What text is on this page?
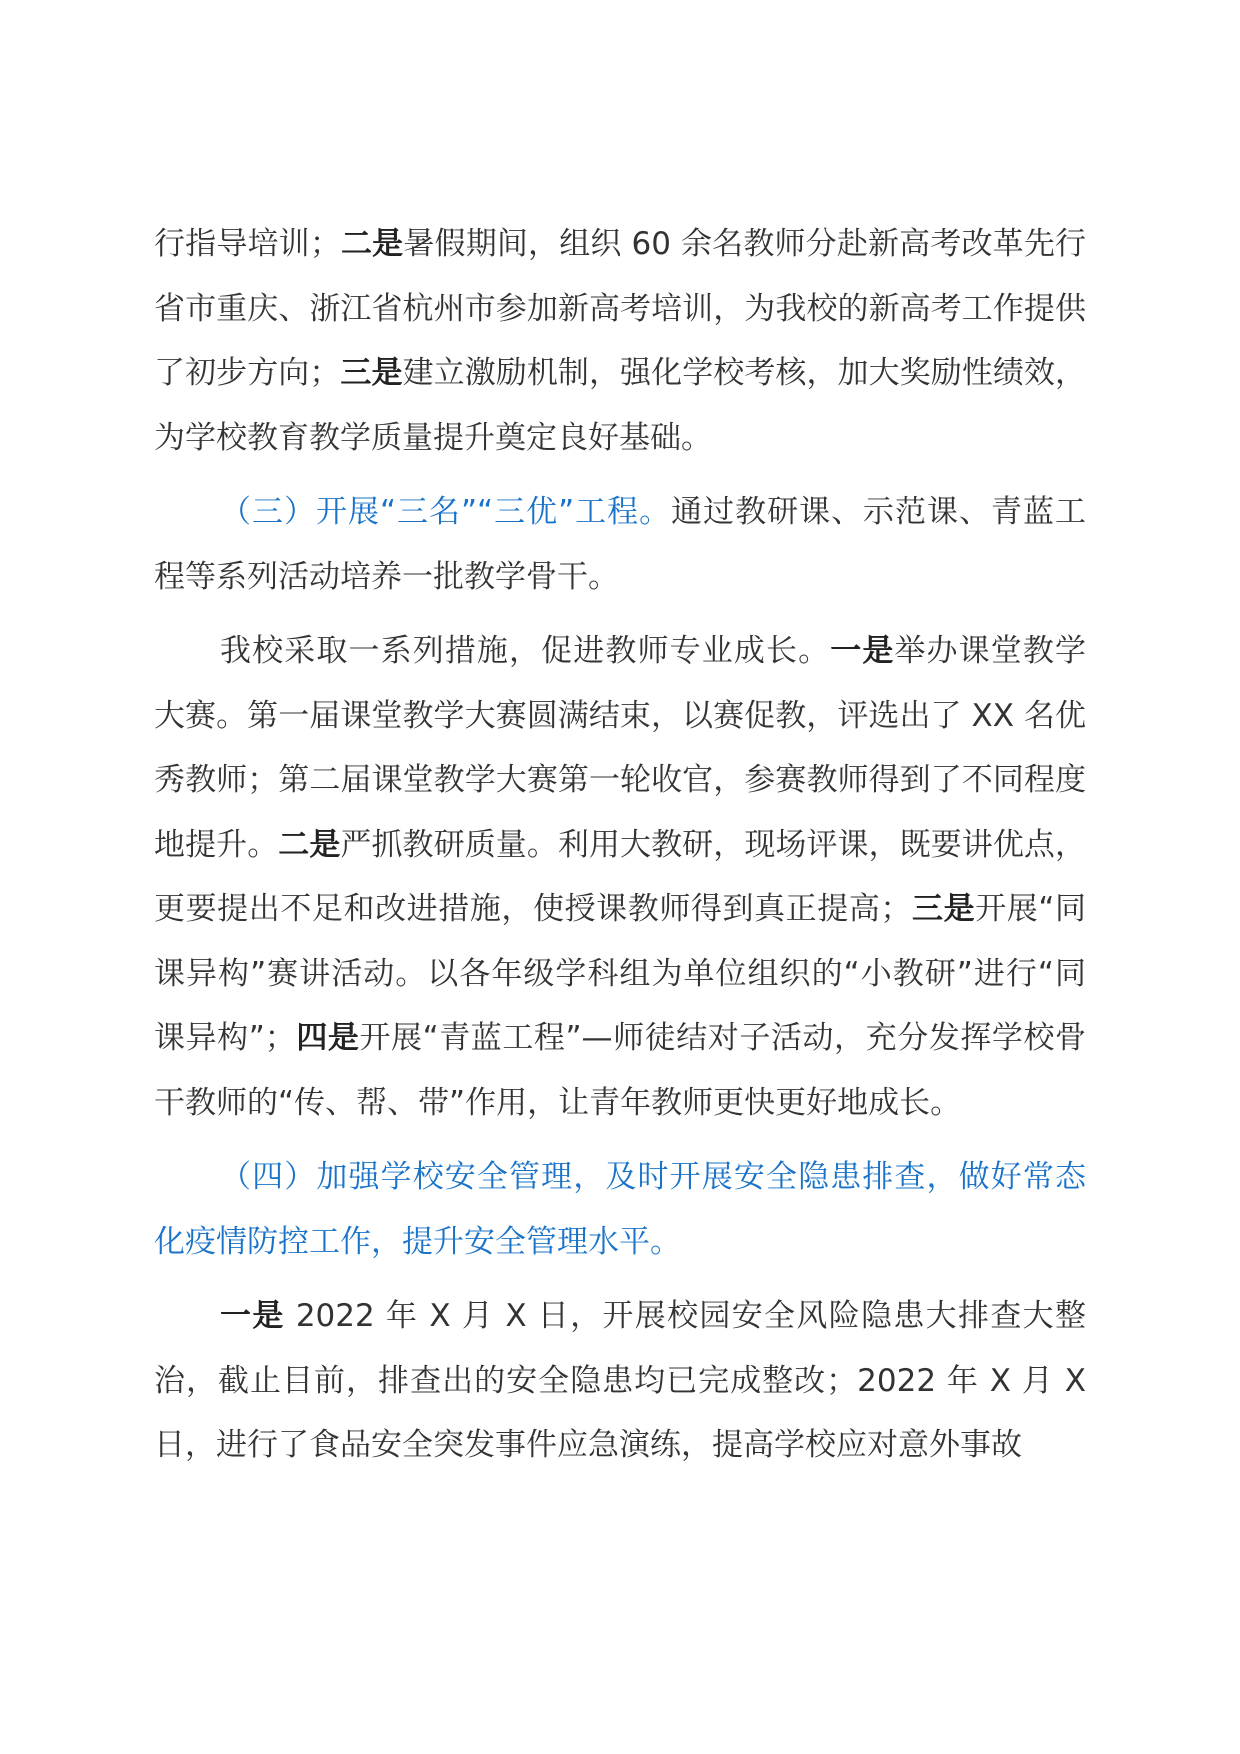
行指导培训；二是暑假期间，组织 60 余名教师分赴新高考改革先行省市重庆、浙江省杭州市参加新高考培训，为我校的新高考工作提供了初步方向；三是建立激励机制，强化学校考核，加大奖励性绩效，为学校教育教学质量提升奠定良好基础。

（三）开展“三名”“三优”工程。通过教研课、示范课、青蓝工程等系列活动培养一批教学骨干。

我校采取一系列措施，促进教师专业成长。一是举办课堂教学大赛。第一届课堂教学大赛圆满结束，以赛促教，评选出了 XX 名优秀教师；第二届课堂教学大赛第一轮收官，参赛教师得到了不同程度地提升。二是严抓教研质量。利用大教研，现场评课，既要讲优点，更要提出不足和改进措施，使授课教师得到真正提高；三是开展“同课异构”赛讲活动。以各年级学科组为单位组织的“小教研”进行“同课异构”；四是开展“青蓝工程”—师徒结对子活动，充分发挥学校骨干教师的“传、帮、带”作用，让青年教师更快更好地成长。

（四）加强学校安全管理，及时开展安全隐患排查，做好常态化疫情防控工作，提升安全管理水平。

一是 2022 年 X 月 X 日，开展校园安全风险隐患大排查大整治，截止目前，排查出的安全隐患均已完成整改；2022 年 X 月 X 日，进行了食品安全突发事件应急演练，提高学校应对意外事故
